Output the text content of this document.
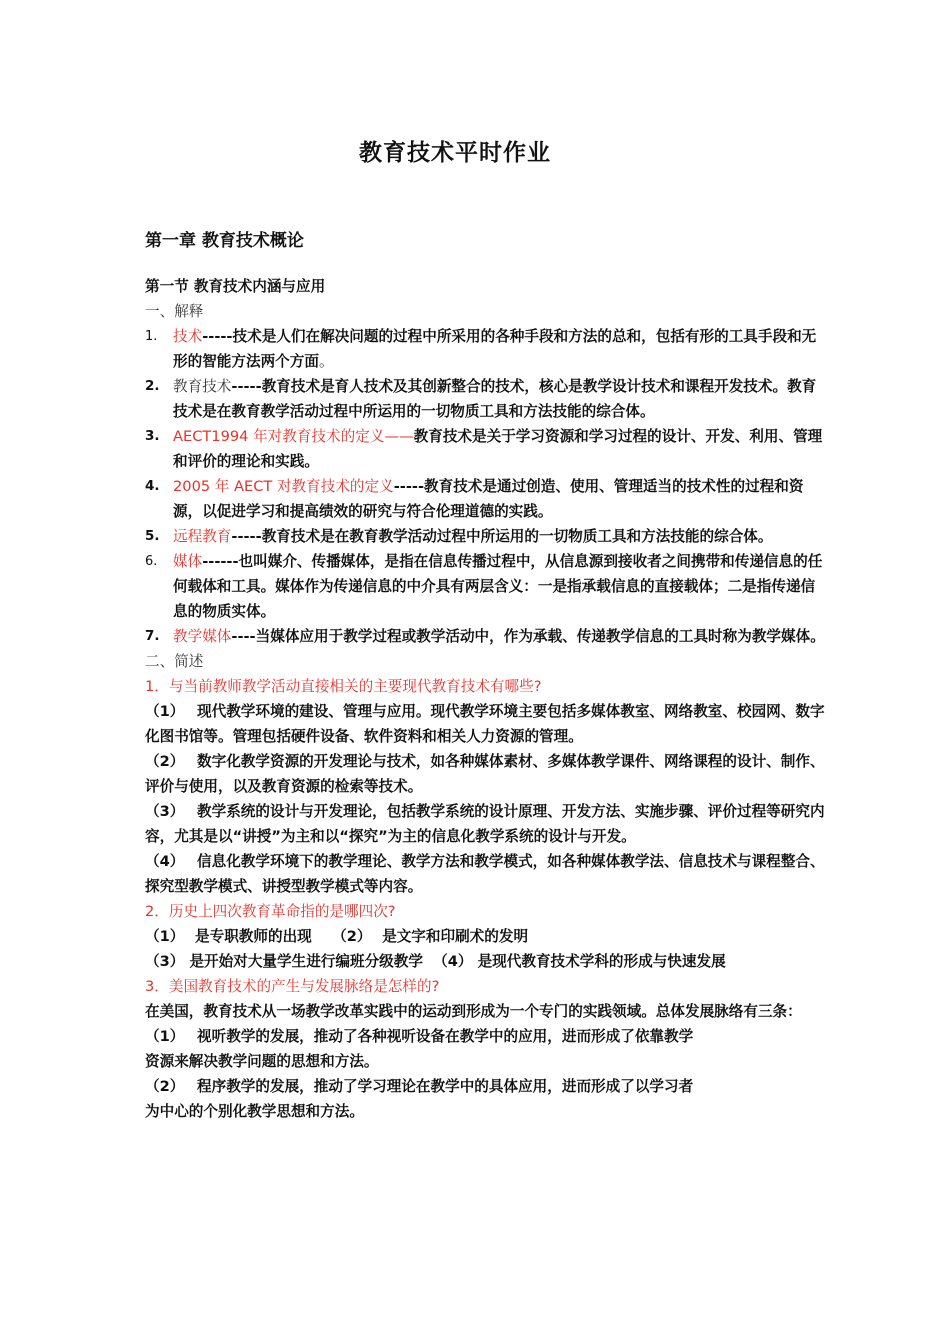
教育技术平时作业
第一章 教育技术概论

第一节 教育技术内涵与应用

一、解释

1. 技术-----技术是人们在解决问题的过程中所采用的各种手段和方法的总和，包括有形的工具手段和无形的智能方法两个方面。
2. 教育技术-----教育技术是育人技术及其创新整合的技术，核心是教学设计技术和课程开发技术。教育技术是在教育教学活动过程中所运用的一切物质工具和方法技能的综合体。
3. AECT1994 年对教育技术的定义——教育技术是关于学习资源和学习过程的设计、开发、利用、管理和评价的理论和实践。
4. 2005 年 AECT 对教育技术的定义-----教育技术是通过创造、使用、管理适当的技术性的过程和资源，以促进学习和提高绩效的研究与符合伦理道德的实践。
5. 远程教育-----教育技术是在教育教学活动过程中所运用的一切物质工具和方法技能的综合体。
6. 媒体------也叫媒介、传播媒体，是指在信息传播过程中，从信息源到接收者之间携带和传递信息的任何载体和工具。媒体作为传递信息的中介具有两层含义：一是指承载信息的直接载体；二是指传递信息的物质实体。
7. 教学媒体----当媒体应用于教学过程或教学活动中，作为承载、传递教学信息的工具时称为教学媒体。

二、简述

1．与当前教师教学活动直接相关的主要现代教育技术有哪些?

（1） 现代教学环境的建设、管理与应用。现代教学环境主要包括多媒体教室、网络教室、校园网、数字化图书馆等。管理包括硬件设备、软件资料和相关人力资源的管理。

（2） 数字化教学资源的开发理论与技术，如各种媒体素材、多媒体教学课件、网络课程的设计、制作、评价与使用，以及教育资源的检索等技术。

（3） 教学系统的设计与开发理论，包括教学系统的设计原理、开发方法、实施步骤、评价过程等研究内容，尤其是以“讲授”为主和以“探究”为主的信息化教学系统的设计与开发。

（4） 信息化教学环境下的教学理论、教学方法和教学模式，如各种媒体教学法、信息技术与课程整合、探究型教学模式、讲授型教学模式等内容。

2．历史上四次教育革命指的是哪四次?

（1） 是专职教师的出现 （2） 是文字和印刷术的发明

（3） 是开始对大量学生进行编班分级教学 （4） 是现代教育技术学科的形成与快速发展

3．美国教育技术的产生与发展脉络是怎样的?

在美国，教育技术从一场教学改革实践中的运动到形成为一个专门的实践领域。总体发展脉络有三条：

（1） 视听教学的发展，推动了各种视听设备在教学中的应用，进而形成了依靠教学
资源来解决教学问题的思想和方法。

（2） 程序教学的发展，推动了学习理论在教学中的具体应用，进而形成了以学习者
为中心的个别化教学思想和方法。
